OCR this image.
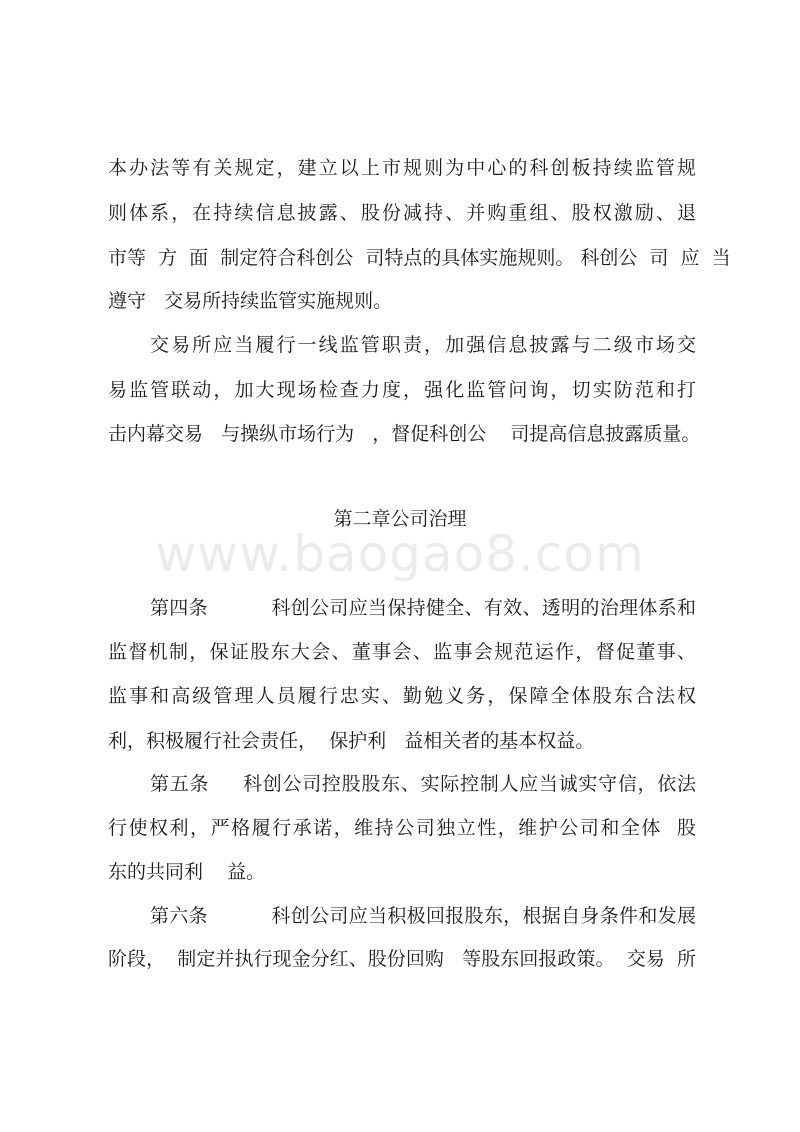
本办法等有关规定，建立以上市规则为中心的科创板持续监管规
则体系，在持续信息披露、股份减持、并购重组、股权激励、退
市等  方  面  制定符合科创公  司特点的具体实施规则。 科创公  司  应  当
遵守   交易所持续监管实施规则。
交易所应当履行一线监管职责，加强信息披露与二级市场交
易监管联动，加大现场检查力度，强化监管问询，切实防范和打
击内幕交易   与操纵市场行为   ，督促科创公    司提高信息披露质量。
第二章公司治理
www.baogao8.com
第四条          科创公司应当保持健全、有效、透明的治理体系和
监督机制，保证股东大会、董事会、监事会规范运作，督促董事、
监事和高级管理人员履行忠实、勤勉义务，保障全体股东合法权
利，积极履行社会责任，  保护利   益相关者的基本权益。
第五条     科创公司控股股东、实际控制人应当诚实守信，依法
行使权利，严格履行承诺，维持公司独立性，维护公司和全体  股
东的共同利    益。
第六条          科创公司应当积极回报股东，根据自身条件和发展
阶段，  制定并执行现金分红、股份回购   等股东回报政策。  交易  所
